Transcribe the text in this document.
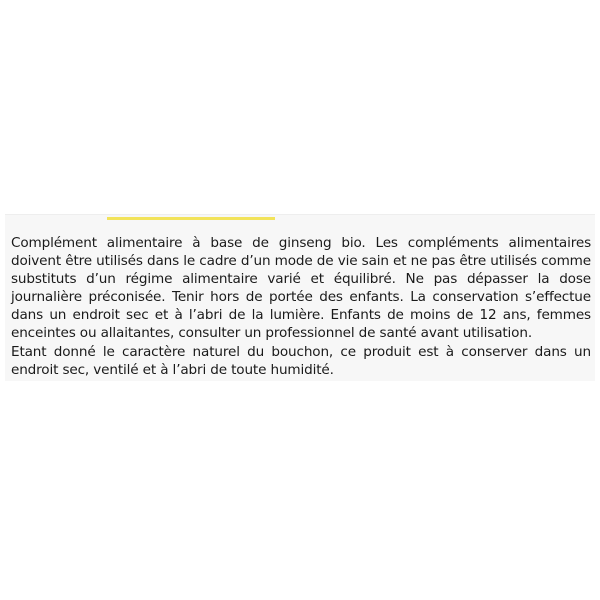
Complément alimentaire à base de ginseng bio. Les compléments alimentaires doivent être utilisés dans le cadre d’un mode de vie sain et ne pas être utilisés comme substituts d’un régime alimentaire varié et équilibré. Ne pas dépasser la dose journalière préconisée. Tenir hors de portée des enfants. La conservation s’effectue dans un endroit sec et à l’abri de la lumière. Enfants de moins de 12 ans, femmes enceintes ou allaitantes, consulter un professionnel de santé avant utilisation.

Etant donné le caractère naturel du bouchon, ce produit est à conserver dans un endroit sec, ventilé et à l’abri de toute humidité.
